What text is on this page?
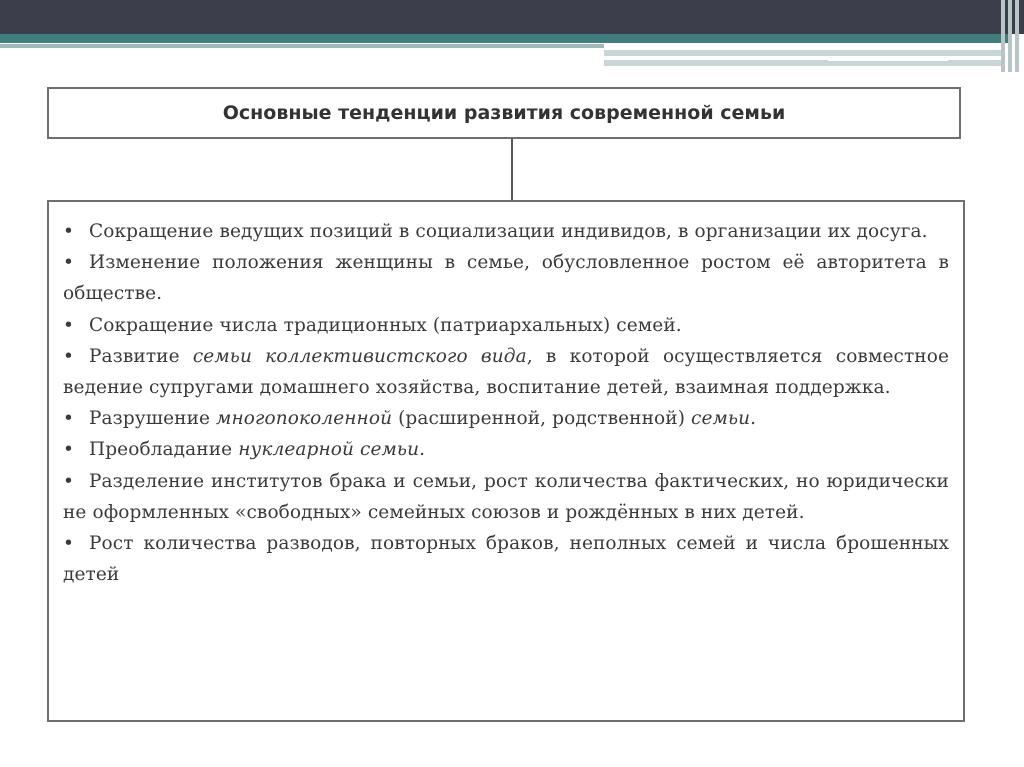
Основные тенденции развития современной семьи
• Сокращение ведущих позиций в социализации индивидов, в организации их досуга.
• Изменение положения женщины в семье, обусловленное ростом её авторитета в обществе.
• Сокращение числа традиционных (патриархальных) семей.
• Развитие семьи коллективистского вида, в которой осуществляется совместное ведение супругами домашнего хозяйства, воспитание детей, взаимная поддержка.
• Разрушение многопоколенной (расширенной, родственной) семьи.
• Преобладание нуклеарной семьи.
• Разделение институтов брака и семьи, рост количества фактических, но юридически не оформленных «свободных» семейных союзов и рождённых в них детей.
• Рост количества разводов, повторных браков, неполных семей и числа брошенных детей
